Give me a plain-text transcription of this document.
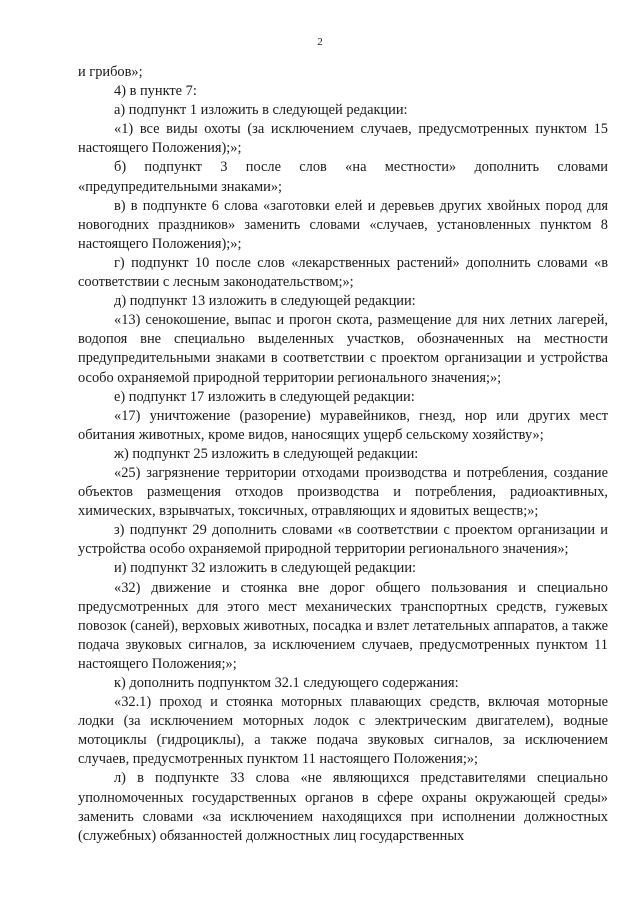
2

и грибов»;

4) в пункте 7:

а) подпункт 1 изложить в следующей редакции:

«1) все виды охоты (за исключением случаев, предусмотренных пунктом 15 настоящего Положения);»;

б) подпункт 3 после слов «на местности» дополнить словами «предупредительными знаками»;

в) в подпункте 6 слова «заготовки елей и деревьев других хвойных пород для новогодних праздников» заменить словами «случаев, установленных пунктом 8 настоящего Положения);»;

г) подпункт 10 после слов «лекарственных растений» дополнить словами «в соответствии с лесным законодательством;»;

д) подпункт 13 изложить в следующей редакции:

«13) сенокошение, выпас и прогон скота, размещение для них летних лагерей, водопоя вне специально выделенных участков, обозначенных на местности предупредительными знаками в соответствии с проектом организации и устройства особо охраняемой природной территории регионального значения;»;

е) подпункт 17 изложить в следующей редакции:

«17) уничтожение (разорение) муравейников, гнезд, нор или других мест обитания животных, кроме видов, наносящих ущерб сельскому хозяйству»;

ж) подпункт 25 изложить в следующей редакции:

«25) загрязнение территории отходами производства и потребления, создание объектов размещения отходов производства и потребления, радиоактивных, химических, взрывчатых, токсичных, отравляющих и ядовитых веществ;»;

з) подпункт 29 дополнить словами «в соответствии с проектом организации и устройства особо охраняемой природной территории регионального значения»;

и) подпункт 32 изложить в следующей редакции:

«32) движение и стоянка вне дорог общего пользования и специально предусмотренных для этого мест механических транспортных средств, гужевых повозок (саней), верховых животных, посадка и взлет летательных аппаратов, а также подача звуковых сигналов, за исключением случаев, предусмотренных пунктом 11 настоящего Положения;»;

к) дополнить подпунктом 32.1 следующего содержания:

«32.1) проход и стоянка моторных плавающих средств, включая моторные лодки (за исключением моторных лодок с электрическим двигателем), водные мотоциклы (гидроциклы), а также подача звуковых сигналов, за исключением случаев, предусмотренных пунктом 11 настоящего Положения;»;

л) в подпункте 33 слова «не являющихся представителями специально уполномоченных государственных органов в сфере охраны окружающей среды» заменить словами «за исключением находящихся при исполнении должностных (служебных) обязанностей должностных лиц государственных
